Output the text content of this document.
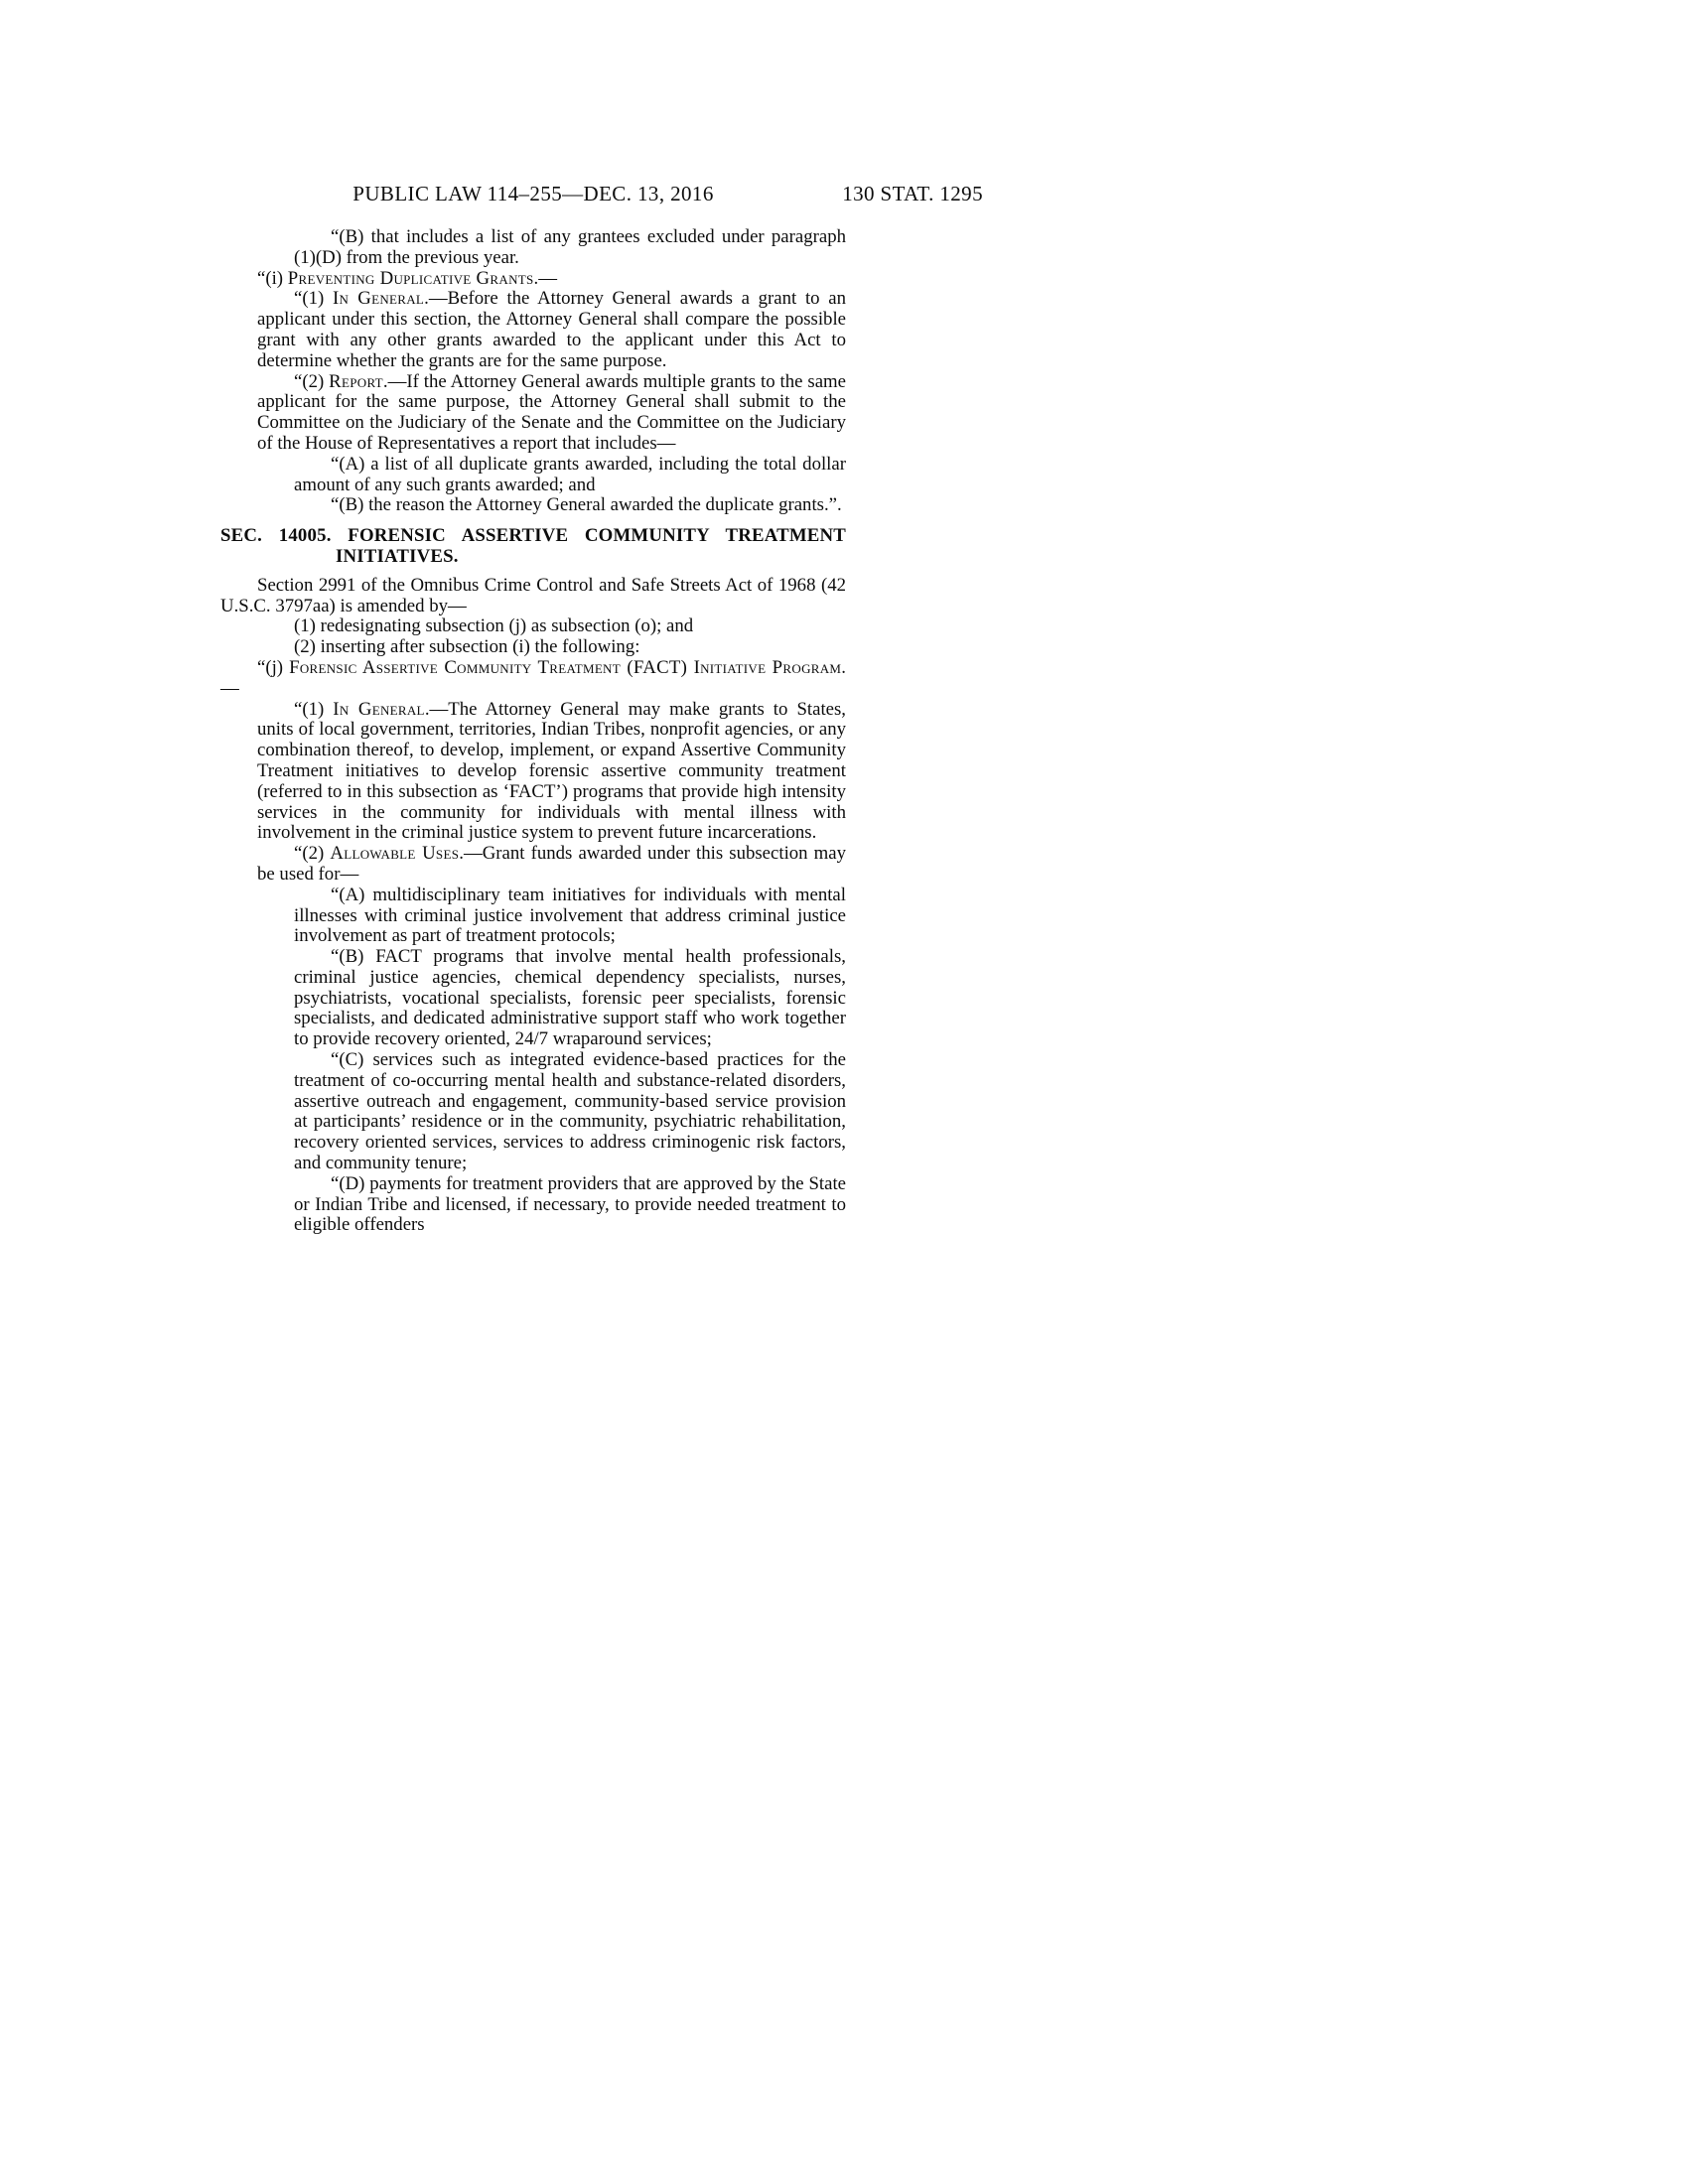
PUBLIC LAW 114–255—DEC. 13, 2016	130 STAT. 1295

“(B) that includes a list of any grantees excluded under paragraph (1)(D) from the previous year.

“(i) Preventing Duplicative Grants.—

“(1) In General.—Before the Attorney General awards a grant to an applicant under this section, the Attorney General shall compare the possible grant with any other grants awarded to the applicant under this Act to determine whether the grants are for the same purpose.

“(2) Report.—If the Attorney General awards multiple grants to the same applicant for the same purpose, the Attorney General shall submit to the Committee on the Judiciary of the Senate and the Committee on the Judiciary of the House of Representatives a report that includes—

“(A) a list of all duplicate grants awarded, including the total dollar amount of any such grants awarded; and

“(B) the reason the Attorney General awarded the duplicate grants.”.

SEC. 14005. FORENSIC ASSERTIVE COMMUNITY TREATMENT INITIATIVES.

Section 2991 of the Omnibus Crime Control and Safe Streets Act of 1968 (42 U.S.C. 3797aa) is amended by—

(1) redesignating subsection (j) as subsection (o); and

(2) inserting after subsection (i) the following:

“(j) Forensic Assertive Community Treatment (FACT) Initiative Program.—

“(1) In General.—The Attorney General may make grants to States, units of local government, territories, Indian Tribes, nonprofit agencies, or any combination thereof, to develop, implement, or expand Assertive Community Treatment initiatives to develop forensic assertive community treatment (referred to in this subsection as ‘FACT’) programs that provide high intensity services in the community for individuals with mental illness with involvement in the criminal justice system to prevent future incarcerations.

“(2) Allowable Uses.—Grant funds awarded under this subsection may be used for—

“(A) multidisciplinary team initiatives for individuals with mental illnesses with criminal justice involvement that address criminal justice involvement as part of treatment protocols;

“(B) FACT programs that involve mental health professionals, criminal justice agencies, chemical dependency specialists, nurses, psychiatrists, vocational specialists, forensic peer specialists, forensic specialists, and dedicated administrative support staff who work together to provide recovery oriented, 24/7 wraparound services;

“(C) services such as integrated evidence-based practices for the treatment of co-occurring mental health and substance-related disorders, assertive outreach and engagement, community-based service provision at participants’ residence or in the community, psychiatric rehabilitation, recovery oriented services, services to address criminogenic risk factors, and community tenure;

“(D) payments for treatment providers that are approved by the State or Indian Tribe and licensed, if necessary, to provide needed treatment to eligible offenders
